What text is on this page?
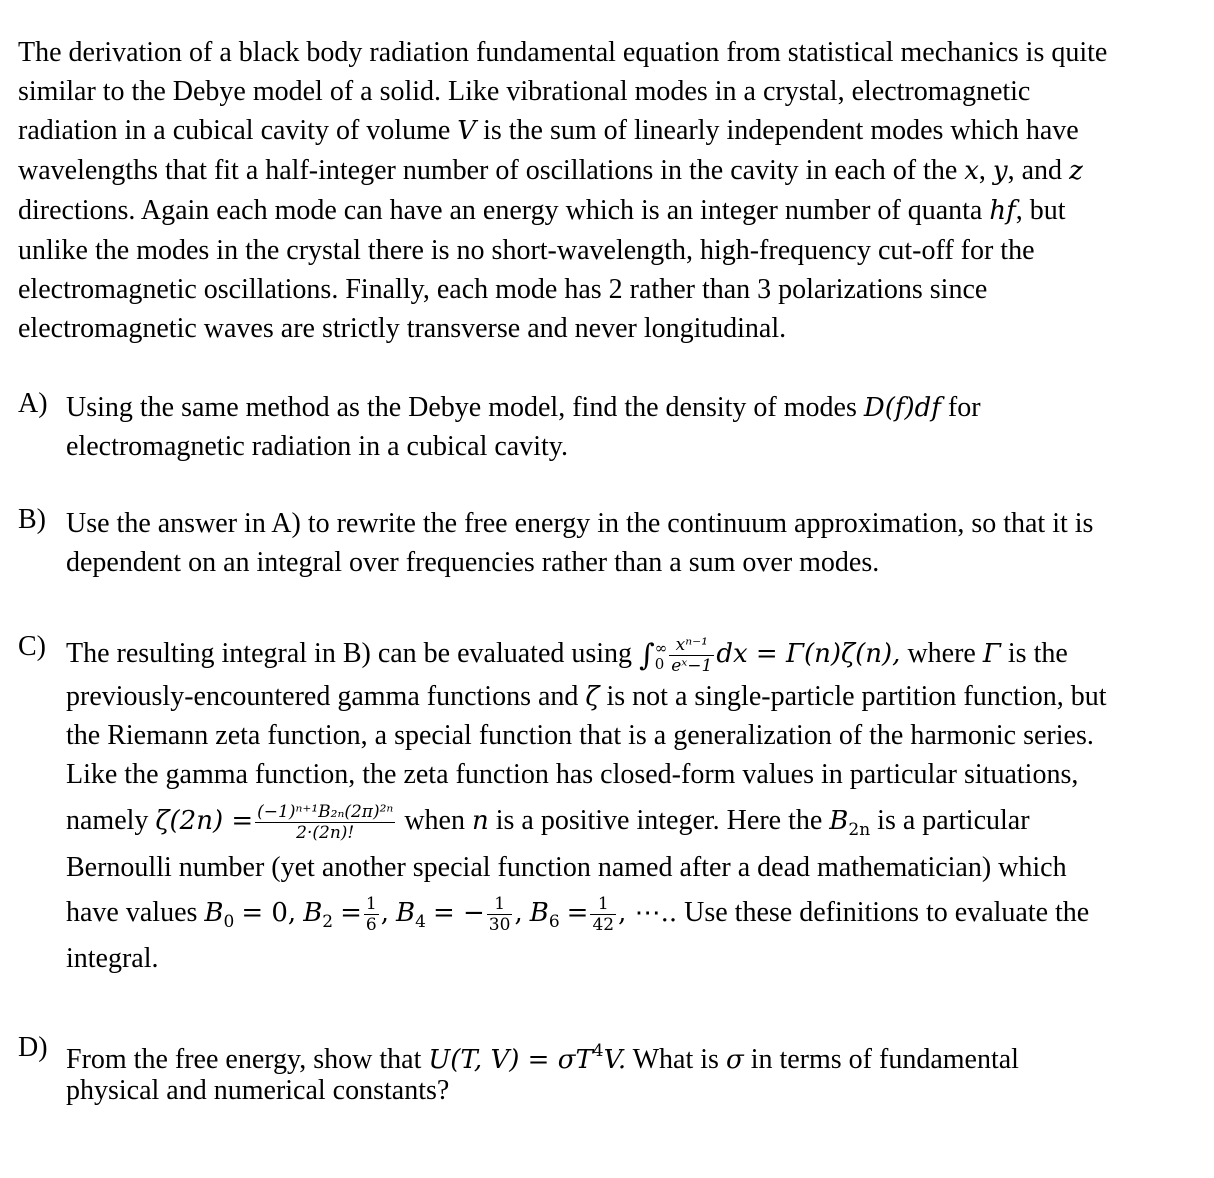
The derivation of a black body radiation fundamental equation from statistical mechanics is quite
similar to the Debye model of a solid. Like vibrational modes in a crystal, electromagnetic
radiation in a cubical cavity of volume V is the sum of linearly independent modes which have
wavelengths that fit a half-integer number of oscillations in the cavity in each of the x, y, and z
directions. Again each mode can have an energy which is an integer number of quanta hf, but
unlike the modes in the crystal there is no short-wavelength, high-frequency cut-off for the
electromagnetic oscillations. Finally, each mode has 2 rather than 3 polarizations since
electromagnetic waves are strictly transverse and never longitudinal.
A) Using the same method as the Debye model, find the density of modes D(f)df for
electromagnetic radiation in a cubical cavity.
B) Use the answer in A) to rewrite the free energy in the continuum approximation, so that it is
dependent on an integral over frequencies rather than a sum over modes.
C) The resulting integral in B) can be evaluated using ∫ ∞
$0 \frac{\text{xⁿ⁻¹}}{\text{eˣ−1}}$ dx = Γ(n)ζ(n), where Γ is the
previously-encountered gamma functions and ζ is not a single-particle partition function, but
the Riemann zeta function, a special function that is a generalization of the harmonic series.
Like the gamma function, the zeta function has closed-form values in particular situations,
namely $\zeta(2n) = \frac{\text{(−1)ⁿ⁺¹B₂ₙ(2π)²ⁿ}}{2\cdot(2n)!}$ when n is a positive integer. Here the $B_{2n}$ is a particular
Bernoulli number (yet another special function named after a dead mathematician) which
have values $B_0 = 0$, $B_2 = \frac{1}{6}$ , $B_4$ = − $\frac{1}{30}$ , $B_6 = \frac{1}{42}$ , ⋯.. Use these definitions to evaluate the
integral.
D) From the free energy, show that U(T, $V) = \sigma T^4V$. What is σ in terms of fundamental
physical and numerical constants?
